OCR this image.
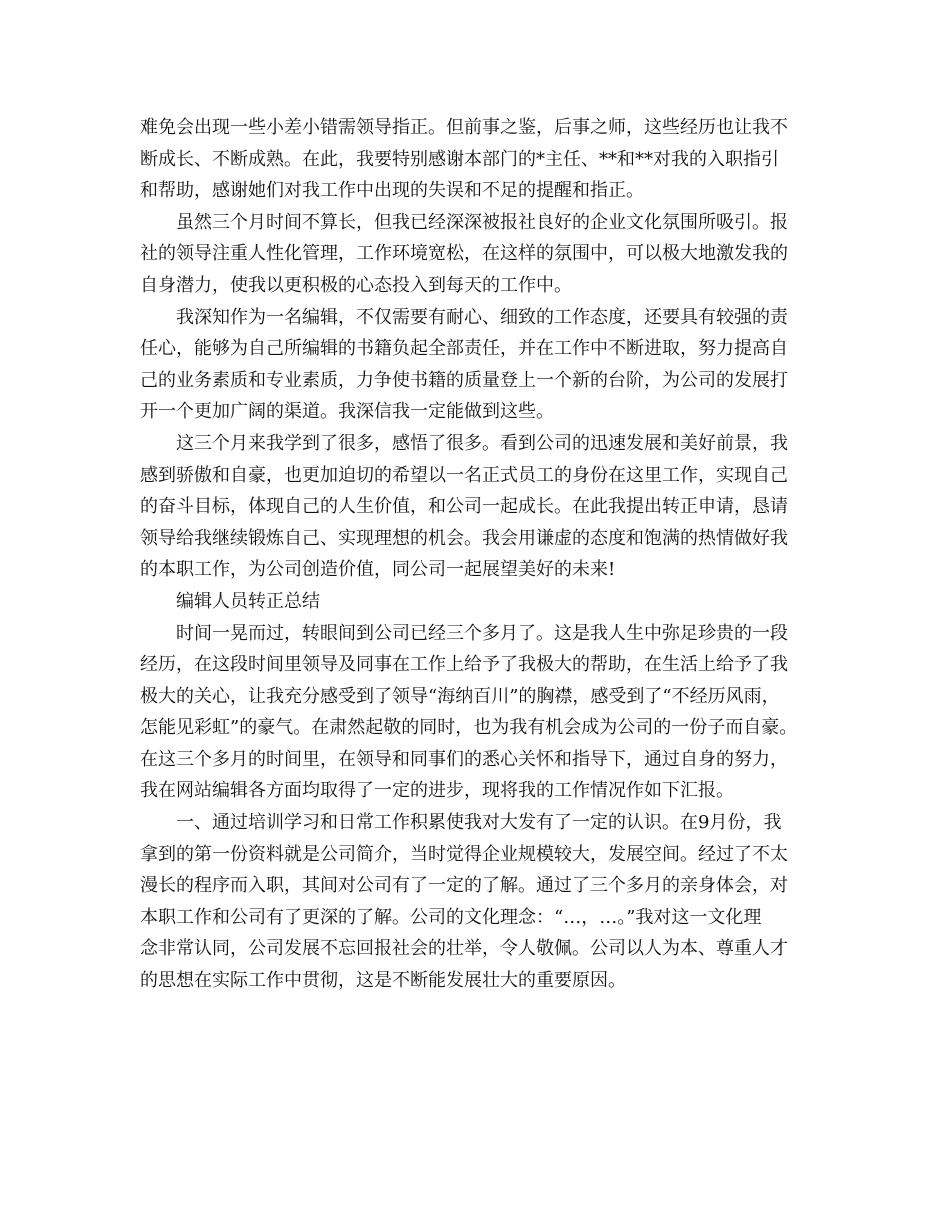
难免会出现一些小差小错需领导指正。但前事之鉴，后事之师，这些经历也让我不
断成长、不断成熟。在此，我要特别感谢本部门的*主任、**和**对我的入职指引
和帮助，感谢她们对我工作中出现的失误和不足的提醒和指正。
虽然三个月时间不算长，但我已经深深被报社良好的企业文化氛围所吸引。报
社的领导注重人性化管理，工作环境宽松，在这样的氛围中，可以极大地激发我的
自身潜力，使我以更积极的心态投入到每天的工作中。
我深知作为一名编辑，不仅需要有耐心、细致的工作态度，还要具有较强的责
任心，能够为自己所编辑的书籍负起全部责任，并在工作中不断进取，努力提高自
己的业务素质和专业素质，力争使书籍的质量登上一个新的台阶，为公司的发展打
开一个更加广阔的渠道。我深信我一定能做到这些。
这三个月来我学到了很多，感悟了很多。看到公司的迅速发展和美好前景，我
感到骄傲和自豪，也更加迫切的希望以一名正式员工的身份在这里工作，实现自己
的奋斗目标，体现自己的人生价值，和公司一起成长。在此我提出转正申请，恳请
领导给我继续锻炼自己、实现理想的机会。我会用谦虚的态度和饱满的热情做好我
的本职工作，为公司创造价值，同公司一起展望美好的未来!
编辑人员转正总结
时间一晃而过，转眼间到公司已经三个多月了。这是我人生中弥足珍贵的一段
经历，在这段时间里领导及同事在工作上给予了我极大的帮助，在生活上给予了我
极大的关心，让我充分感受到了领导“海纳百川”的胸襟，感受到了“不经历风雨，
怎能见彩虹”的豪气。在肃然起敬的同时，也为我有机会成为公司的一份子而自豪。
在这三个多月的时间里，在领导和同事们的悉心关怀和指导下，通过自身的努力，
我在网站编辑各方面均取得了一定的进步，现将我的工作情况作如下汇报。
一、通过培训学习和日常工作积累使我对大发有了一定的认识。在9月份，我
拿到的第一份资料就是公司简介，当时觉得企业规模较大，发展空间。经过了不太
漫长的程序而入职，其间对公司有了一定的了解。通过了三个多月的亲身体会，对
本职工作和公司有了更深的了解。公司的文化理念：“…，…。”我对这一文化理
念非常认同，公司发展不忘回报社会的壮举，令人敬佩。公司以人为本、尊重人才
的思想在实际工作中贯彻，这是不断能发展壮大的重要原因。
